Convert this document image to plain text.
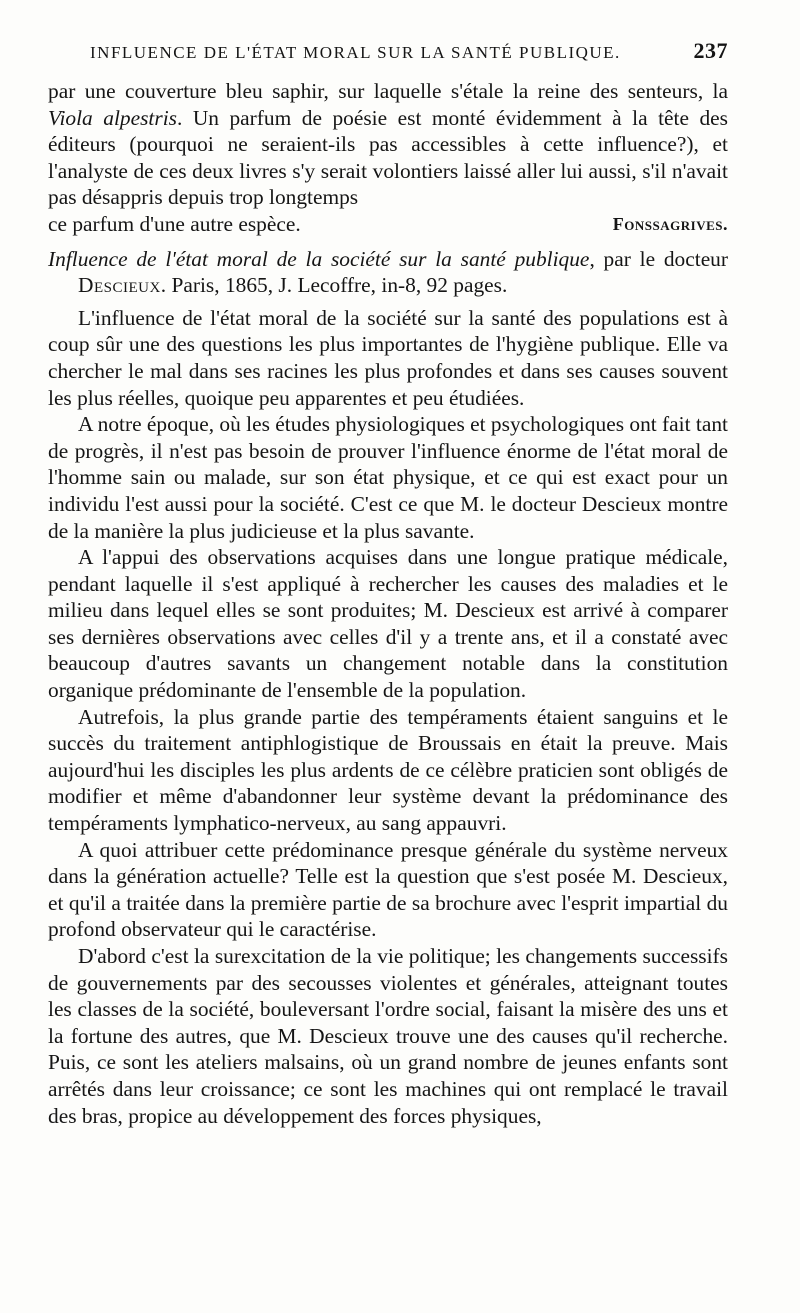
INFLUENCE DE L'ÉTAT MORAL SUR LA SANTÉ PUBLIQUE.	237

par une couverture bleu saphir, sur laquelle s'étale la reine des senteurs, la Viola alpestris. Un parfum de poésie est monté évidemment à la tête des éditeurs (pourquoi ne seraient-ils pas accessibles à cette influence?), et l'analyste de ces deux livres s'y serait volontiers laissé aller lui aussi, s'il n'avait pas désappris depuis trop longtemps

ce parfum d'une autre espèce.	Fonssagrives.

Influence de l'état moral de la société sur la santé publique, par le docteur Descieux. Paris, 1865, J. Lecoffre, in-8, 92 pages.

L'influence de l'état moral de la société sur la santé des populations est à coup sûr une des questions les plus importantes de l'hygiène publique. Elle va chercher le mal dans ses racines les plus profondes et dans ses causes souvent les plus réelles, quoique peu apparentes et peu étudiées.

A notre époque, où les études physiologiques et psychologiques ont fait tant de progrès, il n'est pas besoin de prouver l'influence énorme de l'état moral de l'homme sain ou malade, sur son état physique, et ce qui est exact pour un individu l'est aussi pour la société. C'est ce que M. le docteur Descieux montre de la manière la plus judicieuse et la plus savante.

A l'appui des observations acquises dans une longue pratique médicale, pendant laquelle il s'est appliqué à rechercher les causes des maladies et le milieu dans lequel elles se sont produites; M. Descieux est arrivé à comparer ses dernières observations avec celles d'il y a trente ans, et il a constaté avec beaucoup d'autres savants un changement notable dans la constitution organique prédominante de l'ensemble de la population.

Autrefois, la plus grande partie des tempéraments étaient sanguins et le succès du traitement antiphlogistique de Broussais en était la preuve. Mais aujourd'hui les disciples les plus ardents de ce célèbre praticien sont obligés de modifier et même d'abandonner leur système devant la prédominance des tempéraments lymphatico-nerveux, au sang appauvri.

A quoi attribuer cette prédominance presque générale du système nerveux dans la génération actuelle? Telle est la question que s'est posée M. Descieux, et qu'il a traitée dans la première partie de sa brochure avec l'esprit impartial du profond observateur qui le caractérise.

D'abord c'est la surexcitation de la vie politique; les changements successifs de gouvernements par des secousses violentes et générales, atteignant toutes les classes de la société, bouleversant l'ordre social, faisant la misère des uns et la fortune des autres, que M. Descieux trouve une des causes qu'il recherche. Puis, ce sont les ateliers malsains, où un grand nombre de jeunes enfants sont arrêtés dans leur croissance; ce sont les machines qui ont remplacé le travail des bras, propice au développement des forces physiques,
